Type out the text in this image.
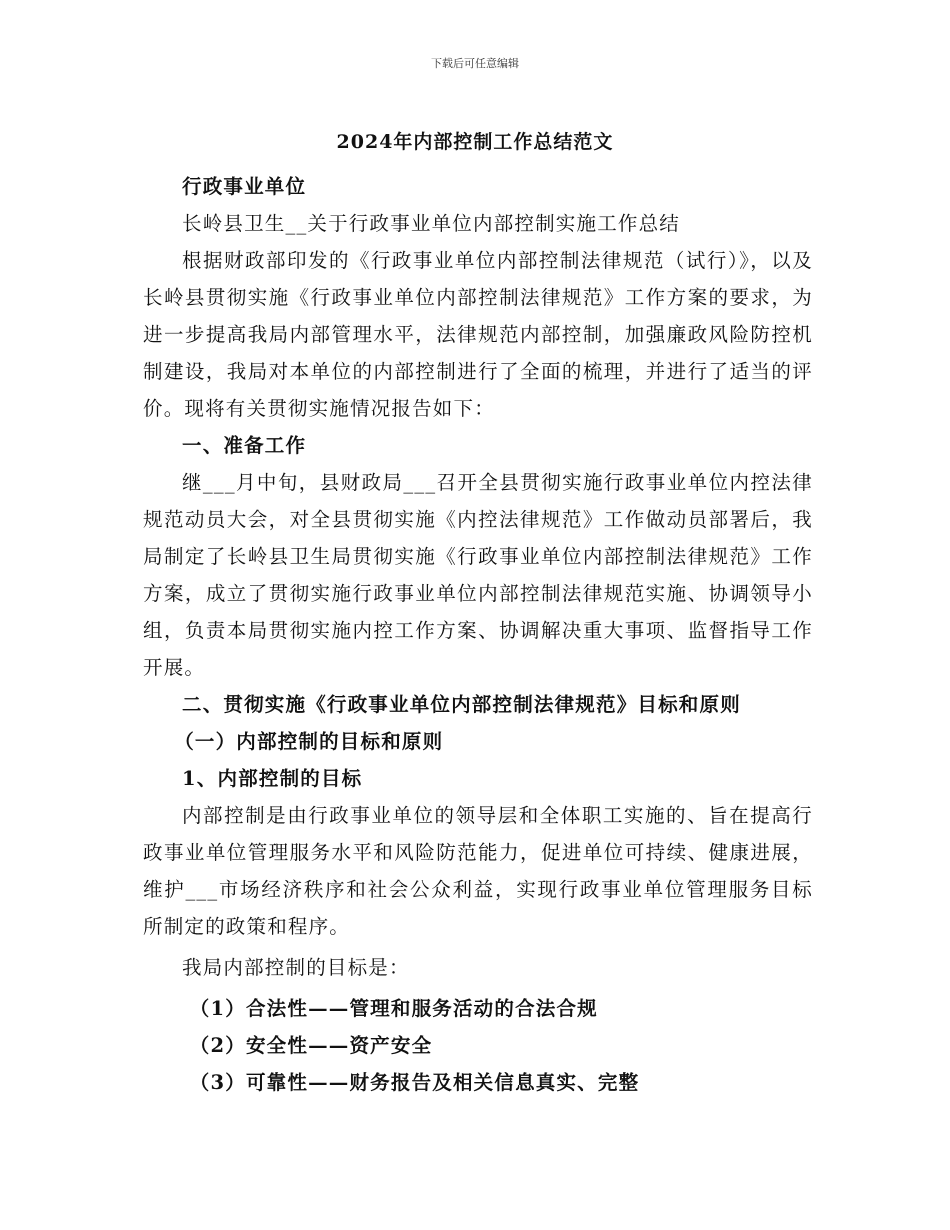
下载后可任意编辑
2024年内部控制工作总结范文

行政事业单位

长岭县卫生__关于行政事业单位内部控制实施工作总结

根据财政部印发的《行政事业单位内部控制法律规范（试行）》，以及长岭县贯彻实施《行政事业单位内部控制法律规范》工作方案的要求，为进一步提高我局内部管理水平，法律规范内部控制，加强廉政风险防控机制建设，我局对本单位的内部控制进行了全面的梳理，并进行了适当的评价。现将有关贯彻实施情况报告如下：

一、准备工作

继___月中旬，县财政局___召开全县贯彻实施行政事业单位内控法律规范动员大会，对全县贯彻实施《内控法律规范》工作做动员部署后，我局制定了长岭县卫生局贯彻实施《行政事业单位内部控制法律规范》工作方案，成立了贯彻实施行政事业单位内部控制法律规范实施、协调领导小组，负责本局贯彻实施内控工作方案、协调解决重大事项、监督指导工作开展。

二、贯彻实施《行政事业单位内部控制法律规范》目标和原则

（一）内部控制的目标和原则

1、内部控制的目标

内部控制是由行政事业单位的领导层和全体职工实施的、旨在提高行政事业单位管理服务水平和风险防范能力，促进单位可持续、健康进展，维护___市场经济秩序和社会公众利益，实现行政事业单位管理服务目标所制定的政策和程序。

我局内部控制的目标是：

（1）合法性——管理和服务活动的合法合规

（2）安全性——资产安全

（3）可靠性——财务报告及相关信息真实、完整
